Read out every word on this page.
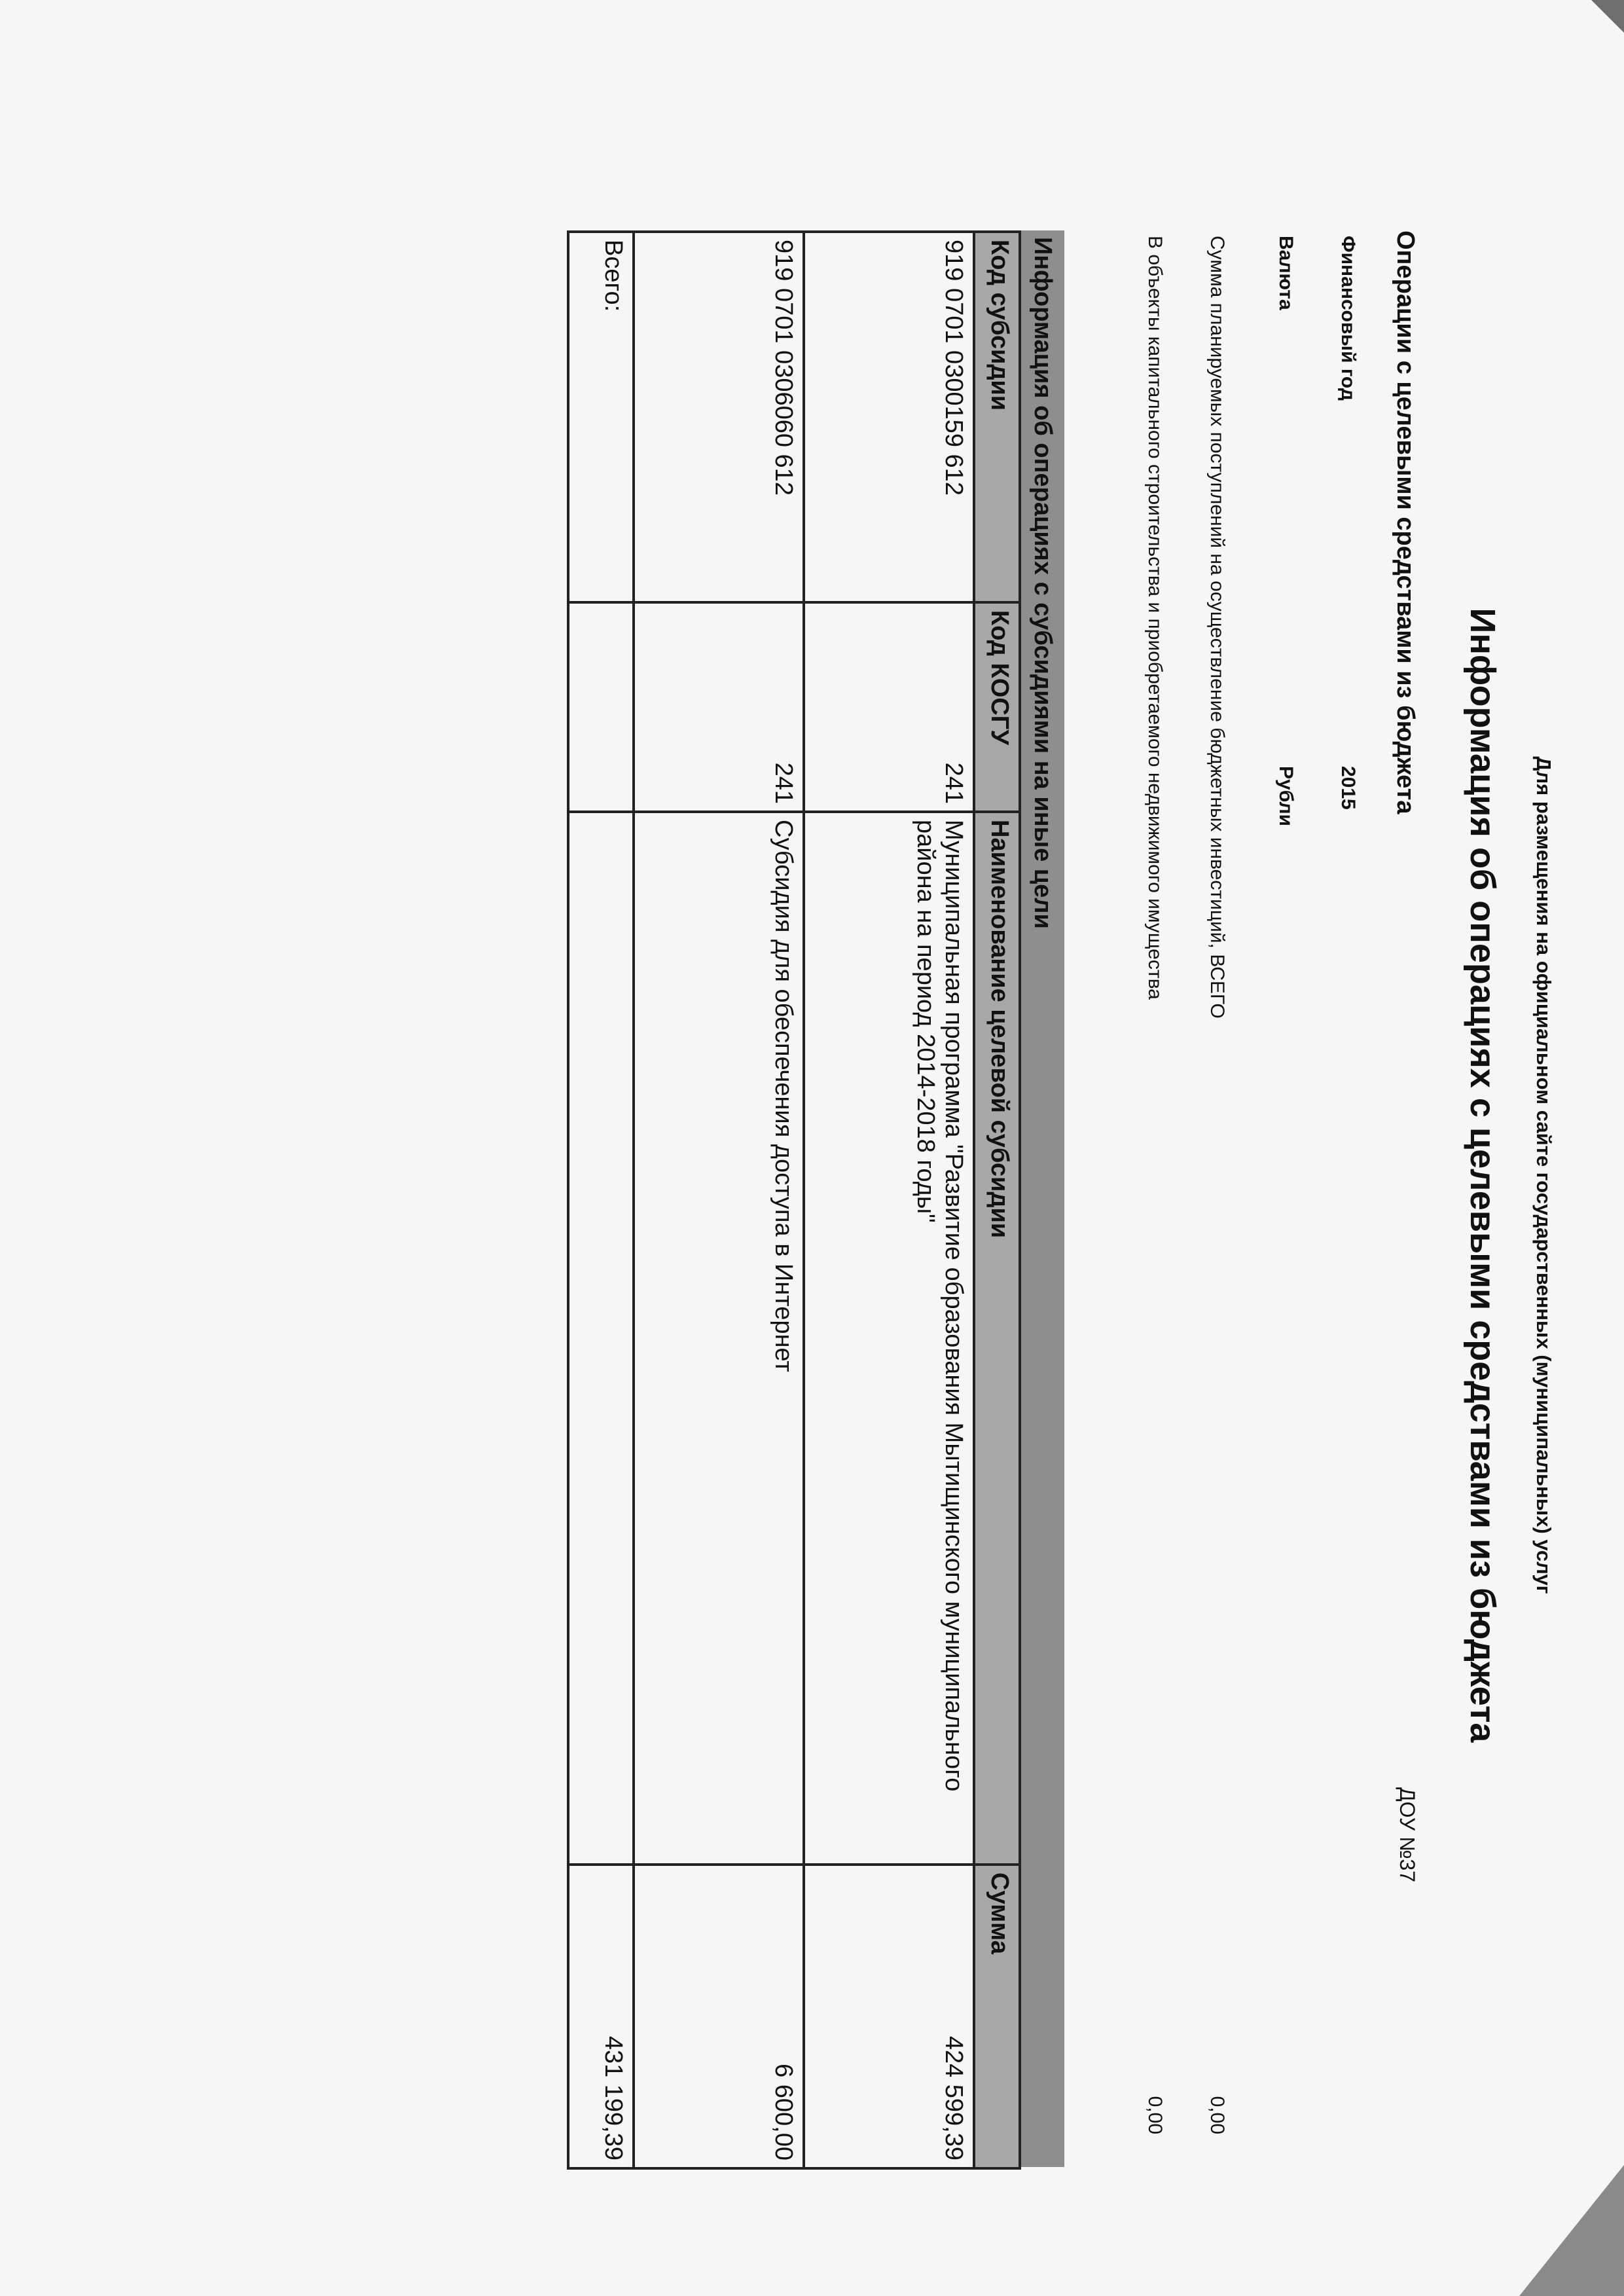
Для размещения на официальном сайте государственных (муниципальных) услуг
Информация об операциях с целевыми средствами из бюджета
Операции с целевыми средствами из бюджета
ДОУ №37
Финансовый год
2015
Валюта
Рубли
Сумма планируемых поступлений на осуществление бюджетных инвестиций, ВСЕГО
0,00
В объекты капитального строительства и приобретаемого недвижимого имущества
0,00
Информация об операциях с субсидиями на иные цели
Код субсидии	Код КОСГУ	Наименование целевой субсидии	Сумма
919 0701 0300159 612	241	Муниципальная программа "Развитие образования Мытищинского муниципального района на период 2014-2018 годы"	424 599,39
919 0701 0306060 612	241	Субсидия для обеспечения доступа в Интернет	6 600,00
Всего:			431 199,39
